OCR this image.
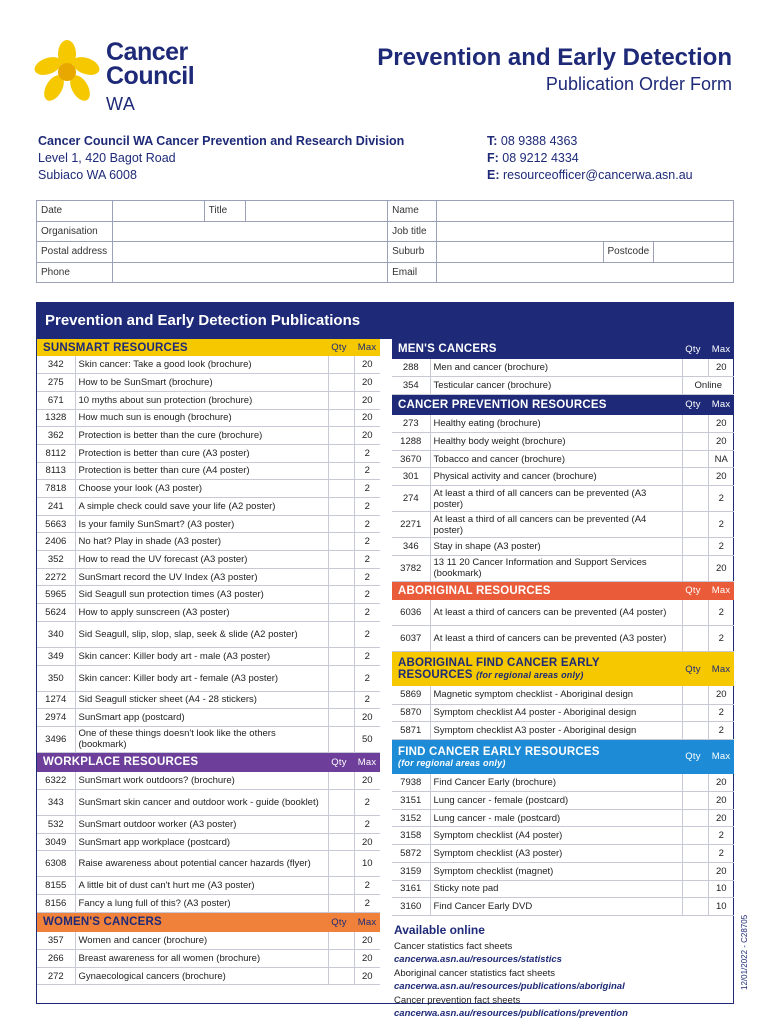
Cancer
Council
WA
Prevention and Early Detection
Publication Order Form
Cancer Council WA Cancer Prevention and Research Division
Level 1, 420 Bagot Road
Subiaco WA 6008
T: 08 9388 4363
F: 08 9212 4334
E: resourceofficer@cancerwa.asn.au
Date		Title		Name			
Organisation				Job title			
Postal address				Suburb		Postcode	
Phone				Email			
Prevention and Early Detection Publications
SUNSMART RESOURCES	Qty	Max
342	Skin cancer: Take a good look (brochure)		20
275	How to be SunSmart (brochure)		20
671	10 myths about sun protection (brochure)		20
1328	How much sun is enough (brochure)		20
362	Protection is better than the cure (brochure)		20
8112	Protection is better than cure (A3 poster)		2
8113	Protection is better than cure (A4 poster)		2
7818	Choose your look (A3 poster)		2
241	A simple check could save your life (A2 poster)		2
5663	Is your family SunSmart? (A3 poster)		2
2406	No hat? Play in shade (A3 poster)		2
352	How to read the UV forecast (A3 poster)		2
2272	SunSmart record the UV Index (A3 poster)		2
5965	Sid Seagull sun protection times (A3 poster)		2
5624	How to apply sunscreen (A3 poster)		2
340	Sid Seagull, slip, slop, slap, seek & slide (A2 poster)		2
349	Skin cancer: Killer body art - male (A3 poster)		2
350	Skin cancer: Killer body art - female (A3 poster)		2
1274	Sid Seagull sticker sheet (A4 - 28 stickers)		2
2974	SunSmart app (postcard)		20
3496	One of these things doesn't look like the others (bookmark)		50
WORKPLACE RESOURCES	Qty	Max
6322	SunSmart work outdoors? (brochure)		20
343	SunSmart skin cancer and outdoor work - guide (booklet)		2
532	SunSmart outdoor worker (A3 poster)		2
3049	SunSmart app workplace (postcard)		20
6308	Raise awareness about potential cancer hazards (flyer)		10
8155	A little bit of dust can't hurt me (A3 poster)		2
8156	Fancy a lung full of this? (A3 poster)		2
WOMEN'S CANCERS	Qty	Max
357	Women and cancer (brochure)		20
266	Breast awareness for all women (brochure)		20
272	Gynaecological cancers (brochure)		20
MEN'S CANCERS	Qty	Max
288	Men and cancer (brochure)		20
354	Testicular cancer (brochure)	Online	
CANCER PREVENTION RESOURCES	Qty	Max
273	Healthy eating (brochure)		20
1288	Healthy body weight (brochure)		20
3670	Tobacco and cancer (brochure)		NA
301	Physical activity and cancer (brochure)		20
274	At least a third of all cancers can be prevented (A3 poster)		2
2271	At least a third of all cancers can be prevented (A4 poster)		2
346	Stay in shape (A3 poster)		2
3782	13 11 20 Cancer Information and Support Services (bookmark)		20
ABORIGINAL RESOURCES	Qty	Max
6036	At least a third of cancers can be prevented (A4 poster)		2
6037	At least a third of cancers can be prevented (A3 poster)		2
ABORIGINAL FIND CANCER EARLY
RESOURCES (for regional areas only)
Qty	Max
5869	Magnetic symptom checklist - Aboriginal design		20
5870	Symptom checklist A4 poster - Aboriginal design		2
5871	Symptom checklist A3 poster - Aboriginal design		2
FIND CANCER EARLY RESOURCES
(for regional areas only)
Qty	Max
7938	Find Cancer Early (brochure)		20
3151	Lung cancer - female (postcard)		20
3152	Lung cancer - male (postcard)		20
3158	Symptom checklist (A4 poster)		2
5872	Symptom checklist (A3 poster)		2
3159	Symptom checklist (magnet)		20
3161	Sticky note pad		10
3160	Find Cancer Early DVD		10
Available online
Cancer statistics fact sheets
cancerwa.asn.au/resources/statistics
Aboriginal cancer statistics fact sheets
cancerwa.asn.au/resources/publications/aboriginal
Cancer prevention fact sheets
cancerwa.asn.au/resources/publications/prevention
12/01/2022 - C28705
